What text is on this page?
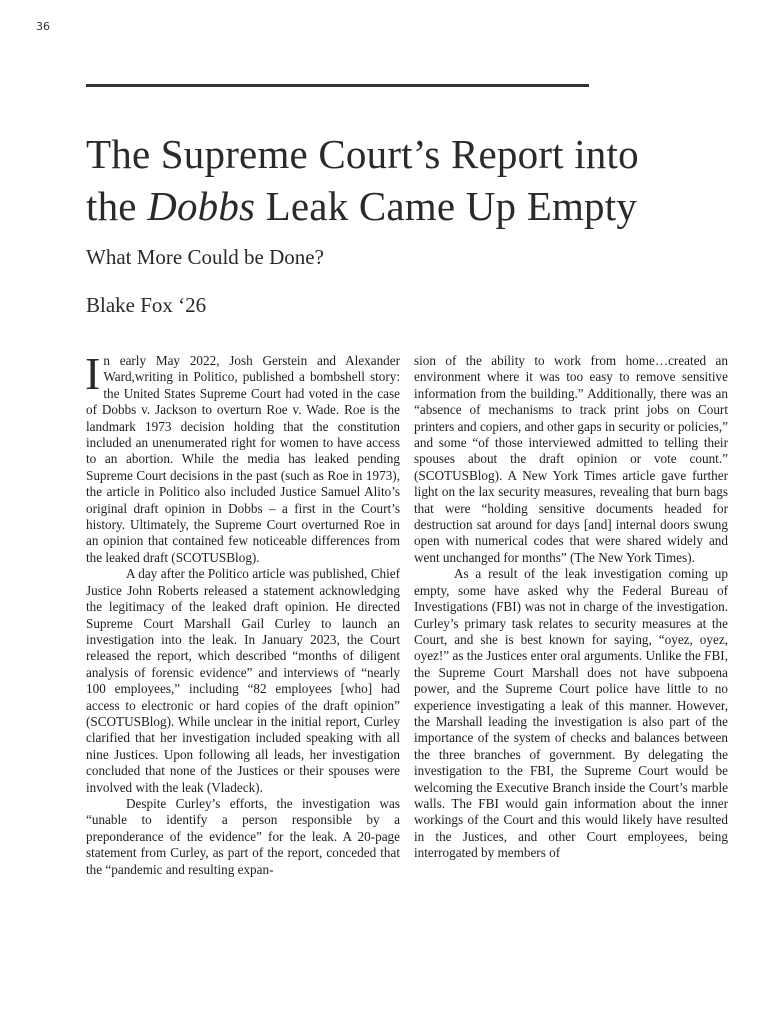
36
The Supreme Court’s Report into
the Dobbs Leak Came Up Empty
What More Could be Done?
Blake Fox ‘26

In early May 2022, Josh Gerstein and Alexander Ward,writing in Politico, published a bombshell story: the United States Supreme Court had voted in the case of Dobbs v. Jackson to overturn Roe v. Wade. Roe is the landmark 1973 decision holding that the constitution included an unenumerated right for women to have access to an abortion. While the media has leaked pending Supreme Court decisions in the past (such as Roe in 1973), the article in Politico also included Justice Samuel Alito’s original draft opinion in Dobbs – a first in the Court’s history. Ultimately, the Supreme Court overturned Roe in an opinion that contained few noticeable differences from the leaked draft (SCOTUSBlog).

A day after the Politico article was published, Chief Justice John Roberts released a statement acknowledging the legitimacy of the leaked draft opinion. He directed Supreme Court Marshall Gail Curley to launch an investigation into the leak. In January 2023, the Court released the report, which described “months of diligent analysis of forensic evidence” and interviews of “nearly 100 employees,” including “82 employees [who] had access to electronic or hard copies of the draft opinion” (SCOTUSBlog). While unclear in the initial report, Curley clarified that her investigation included speaking with all nine Justices. Upon following all leads, her investigation concluded that none of the Justices or their spouses were involved with the leak (Vladeck).

Despite Curley’s efforts, the investigation was “unable to identify a person responsible by a preponderance of the evidence” for the leak. A 20-page statement from Curley, as part of the report, conceded that the “pandemic and resulting expan-

sion of the ability to work from home…created an environment where it was too easy to remove sensitive information from the building.” Additionally, there was an “absence of mechanisms to track print jobs on Court printers and copiers, and other gaps in security or policies,” and some “of those interviewed admitted to telling their spouses about the draft opinion or vote count.” (SCOTUSBlog). A New York Times article gave further light on the lax security measures, revealing that burn bags that were “holding sensitive documents headed for destruction sat around for days [and] internal doors swung open with numerical codes that were shared widely and went unchanged for months” (The New York Times).

As a result of the leak investigation coming up empty, some have asked why the Federal Bureau of Investigations (FBI) was not in charge of the investigation. Curley’s primary task relates to security measures at the Court, and she is best known for saying, “oyez, oyez, oyez!” as the Justices enter oral arguments. Unlike the FBI, the Supreme Court Marshall does not have subpoena power, and the Supreme Court police have little to no experience investigating a leak of this manner. However, the Marshall leading the investigation is also part of the importance of the system of checks and balances between the three branches of government. By delegating the investigation to the FBI, the Supreme Court would be welcoming the Executive Branch inside the Court’s marble walls. The FBI would gain information about the inner workings of the Court and this would likely have resulted in the Justices, and other Court employees, being interrogated by members of
